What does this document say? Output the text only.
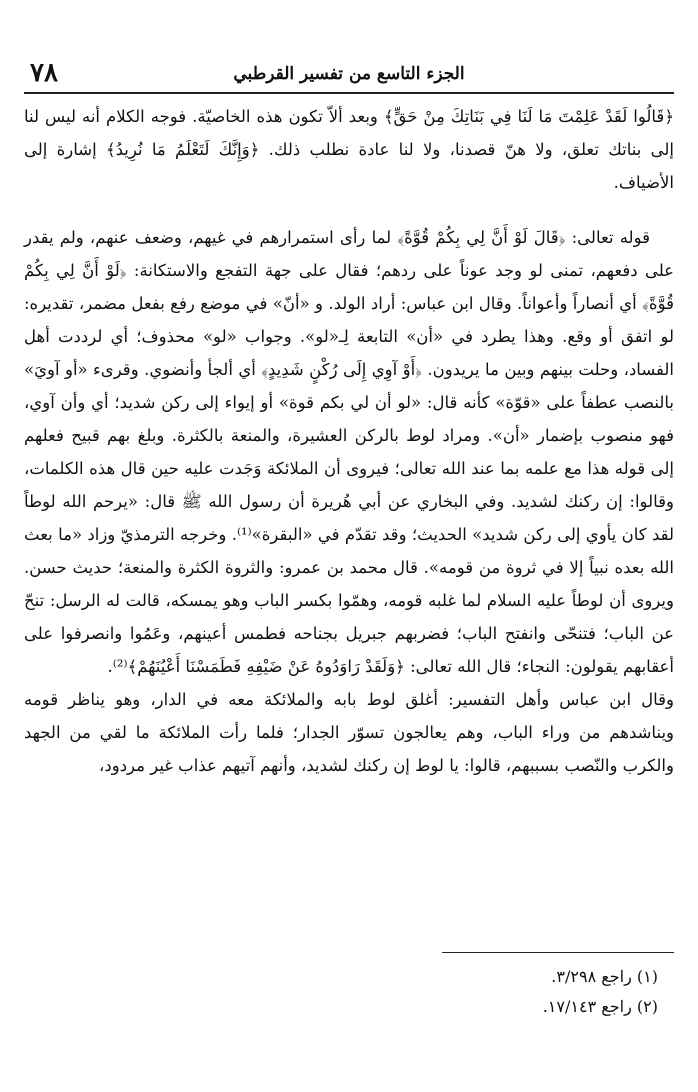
٧٨	الجزء التاسع من تفسير القرطبي

﴿قَالُوا لَقَدْ عَلِمْتَ مَا لَنَا فِي بَنَاتِكَ مِنْ حَقٍّ﴾ وبعد ألاّ تكون هذه الخاصيّة. فوجه الكلام أنه ليس لنا إلى بناتك تعلق، ولا هنّ قصدنا، ولا لنا عادة نطلب ذلك. ﴿وَإِنَّكَ لَتَعْلَمُ مَا نُرِيدُ﴾ إشارة إلى الأضياف.

قوله تعالى: ﴿قَالَ لَوْ أَنَّ لِي بِكُمْ قُوَّةً﴾ لما رأى استمرارهم في غيهم، وضعف عنهم، ولم يقدر على دفعهم، تمنى لو وجد عوناً على ردهم؛ فقال على جهة التفجع والاستكانة: ﴿لَوْ أَنَّ لِي بِكُمْ قُوَّةً﴾ أي أنصاراً وأعواناً. وقال ابن عباس: أراد الولد. و «أنّ» في موضع رفع بفعل مضمر، تقديره: لو اتفق أو وقع. وهذا يطرد في «أن» التابعة لِـ«لو». وجواب «لو» محذوف؛ أي لرددت أهل الفساد، وحلت بينهم وبين ما يريدون. ﴿أَوْ آوِي إِلَى رُكْنٍ شَدِيدٍ﴾ أي ألجأ وأنضوي. وقرىء «أو آويَ» بالنصب عطفاً على «قوّة» كأنه قال: «لو أن لي بكم قوة» أو إيواء إلى ركن شديد؛ أي وأن آوي، فهو منصوب بإضمار «أن». ومراد لوط بالركن العشيرة، والمنعة بالكثرة. وبلغ بهم قبيح فعلهم إلى قوله هذا مع علمه بما عند الله تعالى؛ فيروى أن الملائكة وَجَدت عليه حين قال هذه الكلمات، وقالوا: إن ركنك لشديد. وفي البخاري عن أبي هُريرة أن رسول الله ﷺ قال: «يرحم الله لوطاً لقد كان يأوي إلى ركن شديد» الحديث؛ وقد تقدّم في «البقرة»⁽¹⁾. وخرجه الترمذيّ وزاد «ما بعث الله بعده نبياً إلا في ثروة من قومه». قال محمد بن عمرو: والثروة الكثرة والمنعة؛ حديث حسن. ويروى أن لوطاً عليه السلام لما غلبه قومه، وهمّوا بكسر الباب وهو يمسكه، قالت له الرسل: تنحّ عن الباب؛ فتنحّى وانفتح الباب؛ فضربهم جبريل بجناحه فطمس أعينهم، وعَمُوا وانصرفوا على أعقابهم يقولون: النجاء؛ قال الله تعالى: ﴿وَلَقَدْ رَاوَدُوهُ عَنْ ضَيْفِهِ فَطَمَسْنَا أَعْيُنَهُمْ﴾⁽²⁾.

وقال ابن عباس وأهل التفسير: أغلق لوط بابه والملائكة معه في الدار، وهو يناظر قومه ويناشدهم من وراء الباب، وهم يعالجون تسوّر الجدار؛ فلما رأت الملائكة ما لقي من الجهد والكرب والنّصب بسببهم، قالوا: يا لوط إن ركنك لشديد، وأنهم آتيهم عذاب غير مردود،

(١) راجع ٣/٢٩٨.
(٢) راجع ١٧/١٤٣.
